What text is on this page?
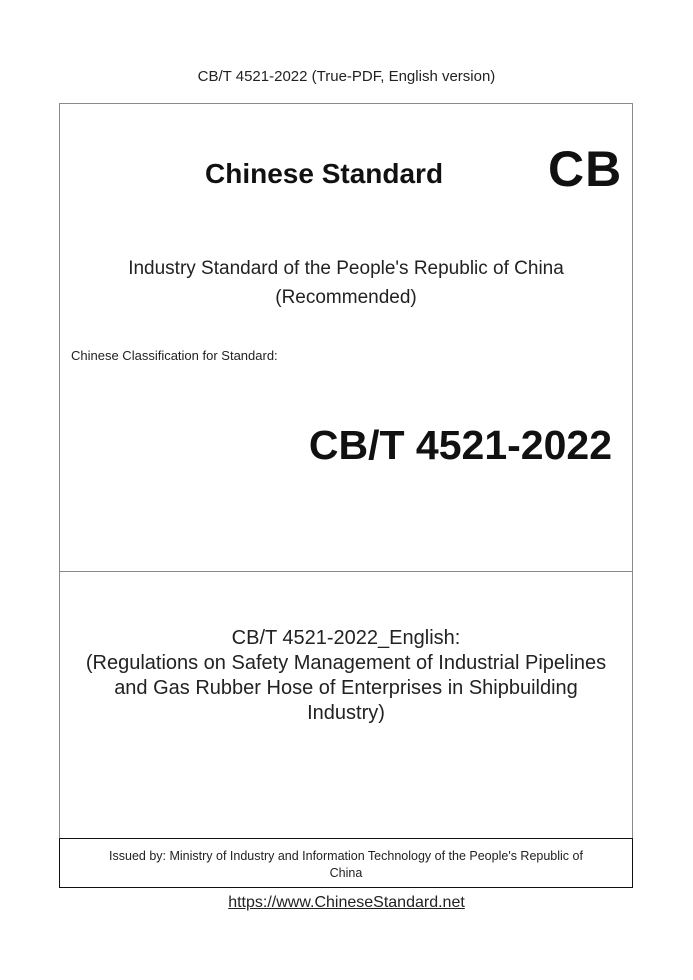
CB/T 4521-2022 (True-PDF, English version)
Chinese Standard CB
Industry Standard of the People's Republic of China
(Recommended)
Chinese Classification for Standard:
CB/T 4521-2022
CB/T 4521-2022_English:
(Regulations on Safety Management of Industrial Pipelines
and Gas Rubber Hose of Enterprises in Shipbuilding
Industry)
Issued by: Ministry of Industry and Information Technology of the People's Republic of
China
https://www.ChineseStandard.net
